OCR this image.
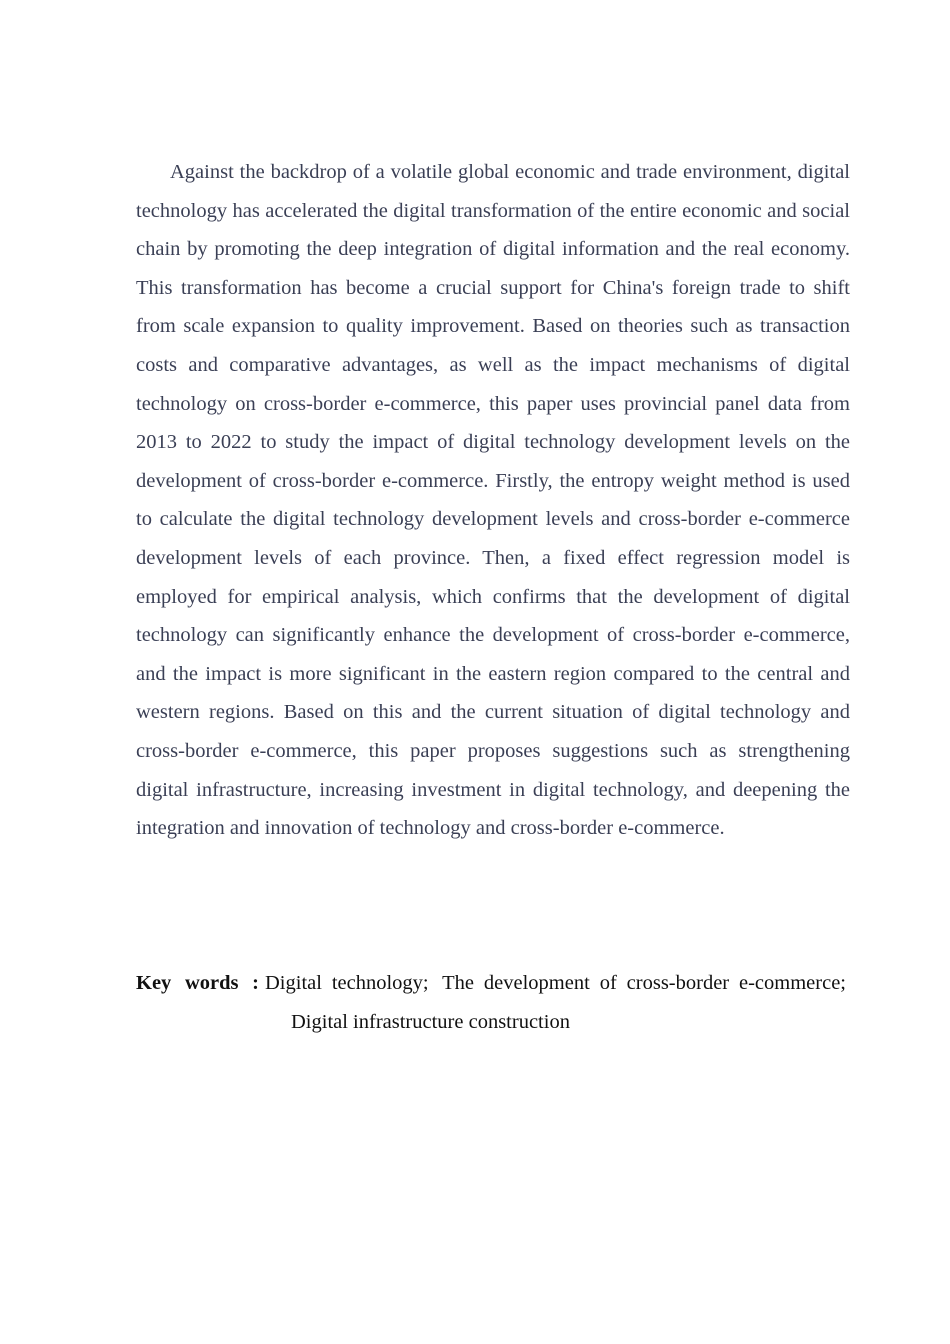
Against the backdrop of a volatile global economic and trade environment, digital technology has accelerated the digital transformation of the entire economic and social chain by promoting the deep integration of digital information and the real economy. This transformation has become a crucial support for China's foreign trade to shift from scale expansion to quality improvement. Based on theories such as transaction costs and comparative advantages, as well as the impact mechanisms of digital technology on cross-border e-commerce, this paper uses provincial panel data from 2013 to 2022 to study the impact of digital technology development levels on the development of cross-border e-commerce. Firstly, the entropy weight method is used to calculate the digital technology development levels and cross-border e-commerce development levels of each province. Then, a fixed effect regression model is employed for empirical analysis, which confirms that the development of digital technology can significantly enhance the development of cross-border e-commerce, and the impact is more significant in the eastern region compared to the central and western regions. Based on this and the current situation of digital technology and cross-border e-commerce, this paper proposes suggestions such as strengthening digital infrastructure, increasing investment in digital technology, and deepening the integration and innovation of technology and cross-border e-commerce.

Key words : Digital technology; The development of cross-border e-commerce; Digital infrastructure construction
